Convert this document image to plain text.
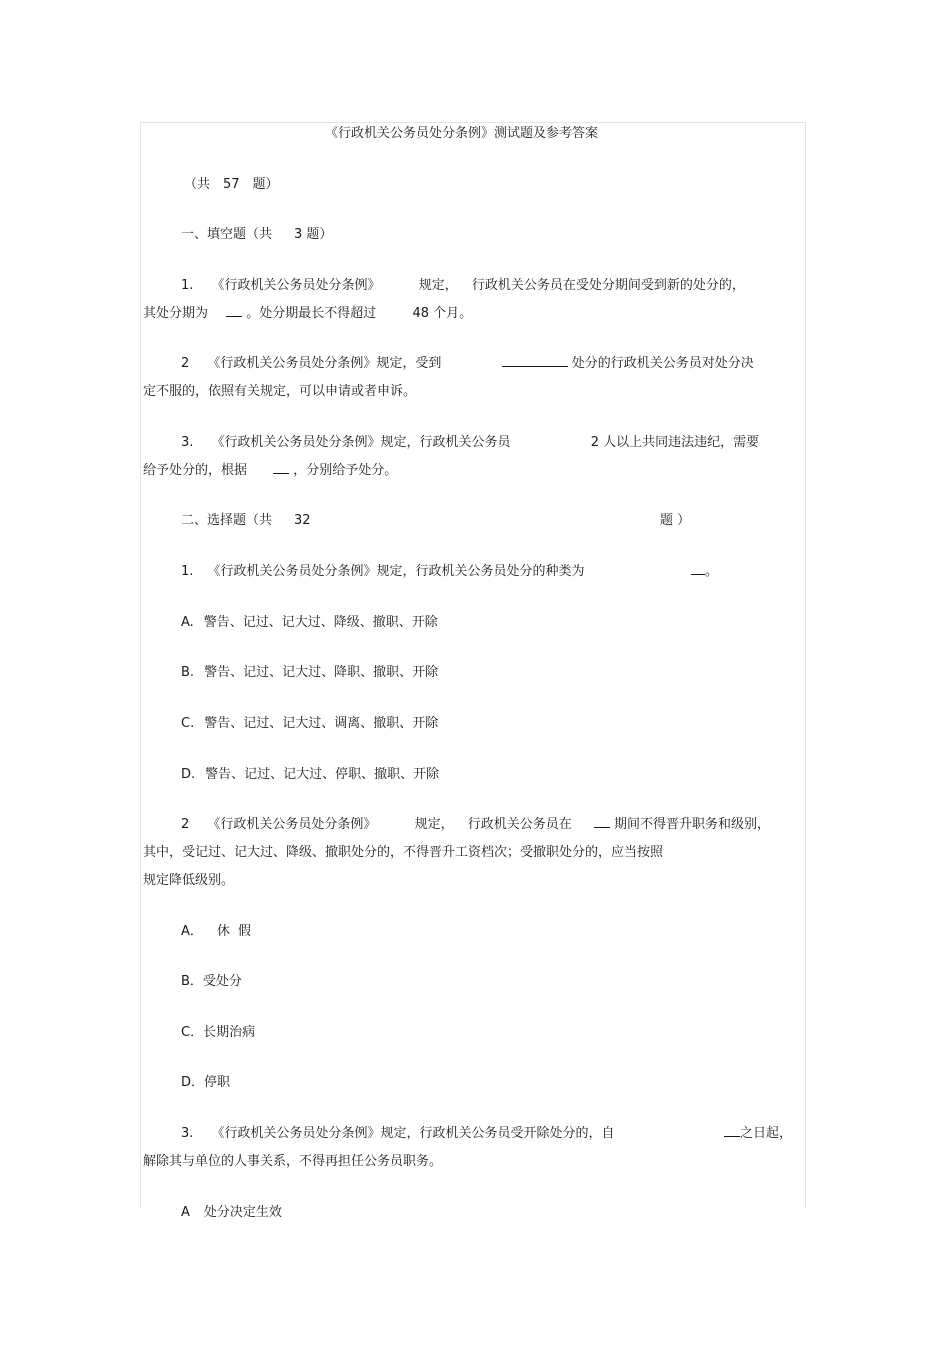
《行政机关公务员处分条例》测试题及参考答案
（共　57　题）
一、填空题（共 3 题）
1. 《行政机关公务员处分条例》	规定， 行政机关公务员在受处分期间受到新的处分的，
其处分期为	。处分期最长不得超过	48 个月。
2 《行政机关公务员处分条例》规定，受到	处分的行政机关公务员对处分决
定不服的，依照有关规定，可以申请或者申诉。
3. 《行政机关公务员处分条例》规定，行政机关公务员	2 人以上共同违法违纪，需要
给予处分的，根据	，分别给予处分。
二、选择题（共 32	题 ）
1. 《行政机关公务员处分条例》规定，行政机关公务员处分的种类为	。
A. 警告、记过、记大过、降级、撤职、开除
B. 警告、记过、记大过、降职、撤职、开除
C. 警告、记过、记大过、调离、撤职、开除
D. 警告、记过、记大过、停职、撤职、开除
2 《行政机关公务员处分条例》	规定， 行政机关公务员在	期间不得晋升职务和级别，
其中，受记过、记大过、降级、撤职处分的，不得晋升工资档次；受撤职处分的，应当按照
规定降低级别。
A． 休 假
B．受处分
C．长期治病
D．停职
3. 《行政机关公务员处分条例》规定，行政机关公务员受开除处分的，自	之日起，
解除其与单位的人事关系，不得再担任公务员职务。
A 处分决定生效
